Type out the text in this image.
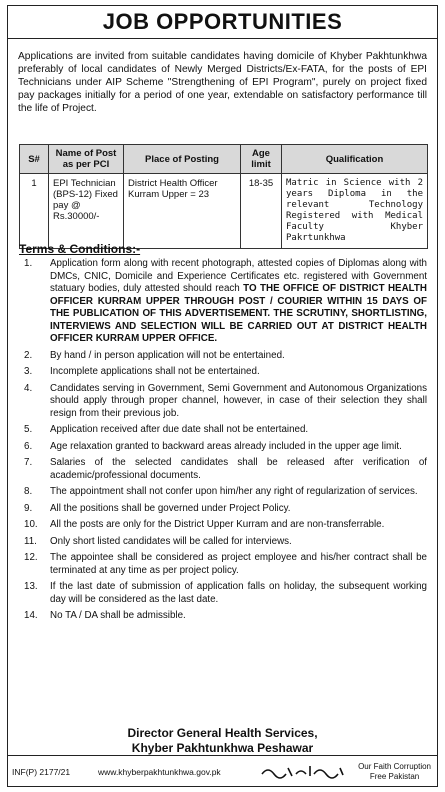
JOB OPPORTUNITIES
Applications are invited from suitable candidates having domicile of Khyber Pakhtunkhwa preferably of local candidates of Newly Merged Districts/Ex-FATA, for the posts of EPI Technicians under AIP Scheme "Strengthening of EPI Program", purely on project fixed pay packages initially for a period of one year, extendable on satisfactory performance till the life of Project.
S#	Name of Post as per PCI	Place of Posting	Age limit	Qualification
1	EPI Technician (BPS-12) Fixed pay @ Rs.30000/-	District Health Officer Kurram Upper = 23	18-35	Matric in Science with 2 years Diploma in the relevant Technology Registered with Medical Faculty Khyber Pakrtunkhwa
Terms & Conditions:-
1.	Application form along with recent photograph, attested copies of Diplomas along with DMCs, CNIC, Domicile and Experience Certificates etc. registered with Government statuary bodies, duly attested should reach TO THE OFFICE OF DISTRICT HEALTH OFFICER KURRAM UPPER THROUGH POST / COURIER WITHIN 15 DAYS OF THE PUBLICATION OF THIS ADVERTISEMENT. THE SCRUTINY, SHORTLISTING, INTERVIEWS AND SELECTION WILL BE CARRIED OUT AT DISTRICT HEALTH OFFICER KURRAM UPPER OFFICE.
2.	By hand / in person application will not be entertained.
3.	Incomplete applications shall not be entertained.
4.	Candidates serving in Government, Semi Government and Autonomous Organizations should apply through proper channel, however, in case of their selection they shall resign from their previous job.
5.	Application received after due date shall not be entertained.
6.	Age relaxation granted to backward areas already included in the upper age limit.
7.	Salaries of the selected candidates shall be released after verification of academic/professional documents.
8.	The appointment shall not confer upon him/her any right of regularization of services.
9.	All the positions shall be governed under Project Policy.
10.	All the posts are only for the District Upper Kurram and are non-transferrable.
11.	Only short listed candidates will be called for interviews.
12.	The appointee shall be considered as project employee and his/her contract shall be terminated at any time as per project policy.
13.	If the last date of submission of application falls on holiday, the subsequent working day will be considered as the last date.
14.	No TA / DA shall be admissible.
Director General Health Services,
Khyber Pakhtunkhwa Peshawar
INF(P) 2177/21	www.khyberpakhtunkhwa.gov.pk
Our Faith Corruption
Free Pakistan
